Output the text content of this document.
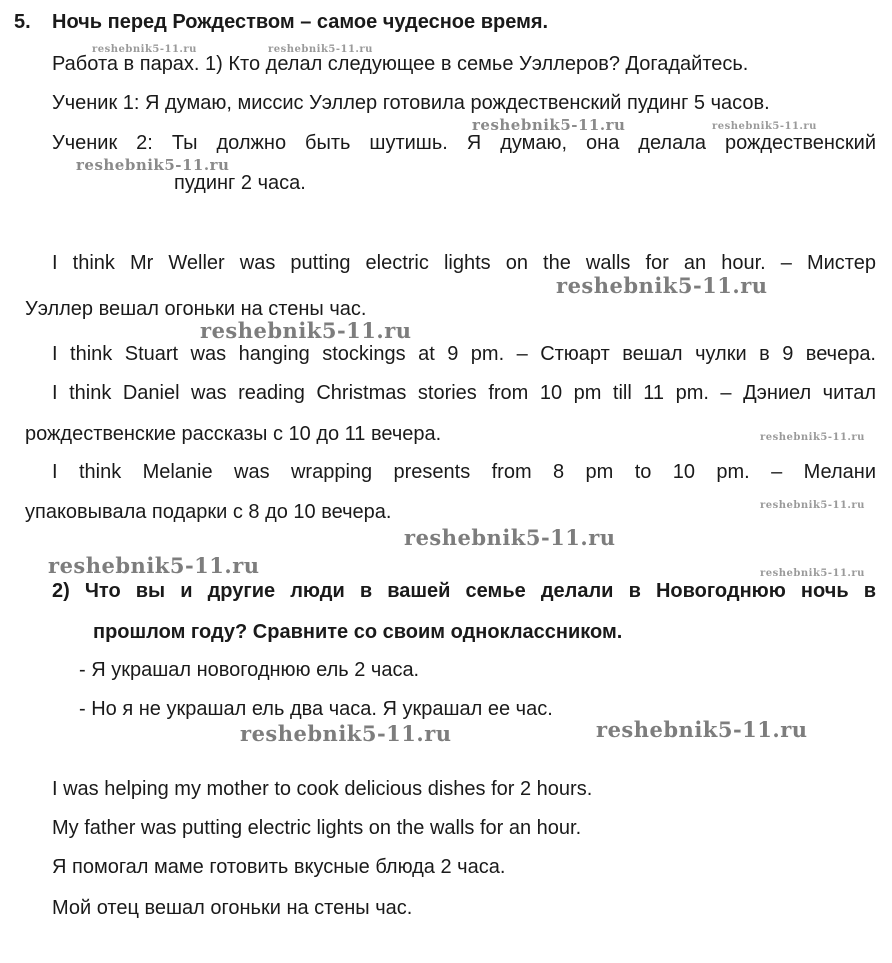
5. Ночь перед Рождеством – самое чудесное время.
Работа в парах. 1) Кто делал следующее в семье Уэллеров? Догадайтесь.
Ученик 1: Я думаю, миссис Уэллер готовила рождественский пудинг 5 часов.
Ученик 2: Ты должно быть шутишь. Я думаю, она делала рождественский
пудинг 2 часа.
I think Mr Weller was putting electric lights on the walls for an hour. – Мистер
Уэллер вешал огоньки на стены час.
I think Stuart was hanging stockings at 9 pm. – Стюарт вешал чулки в 9 вечера.
I think Daniel was reading Christmas stories from 10 pm till 11 pm. – Дэниел читал
рождественские рассказы с 10 до 11 вечера.
I think Melanie was wrapping presents from 8 pm to 10 pm. – Мелани
упаковывала подарки с 8 до 10 вечера.
2) Что вы и другие люди в вашей семье делали в Новогоднюю ночь в
прошлом году? Сравните со своим одноклассником.
- Я украшал новогоднюю ель 2 часа.
- Но я не украшал ель два часа. Я украшал ее час.
I was helping my mother to cook delicious dishes for 2 hours.
My father was putting electric lights on the walls for an hour.
Я помогал маме готовить вкусные блюда 2 часа.
Мой отец вешал огоньки на стены час.
reshebnik5-11.ru	reshebnik5-11.ru
reshebnik5-11.ru	reshebnik5-11.ru
reshebnik5-11.ru
reshebnik5-11.ru
reshebnik5-11.ru
reshebnik5-11.ru
reshebnik5-11.ru
reshebnik5-11.ru
reshebnik5-11.ru	reshebnik5-11.ru
reshebnik5-11.ru
reshebnik5-11.ru
